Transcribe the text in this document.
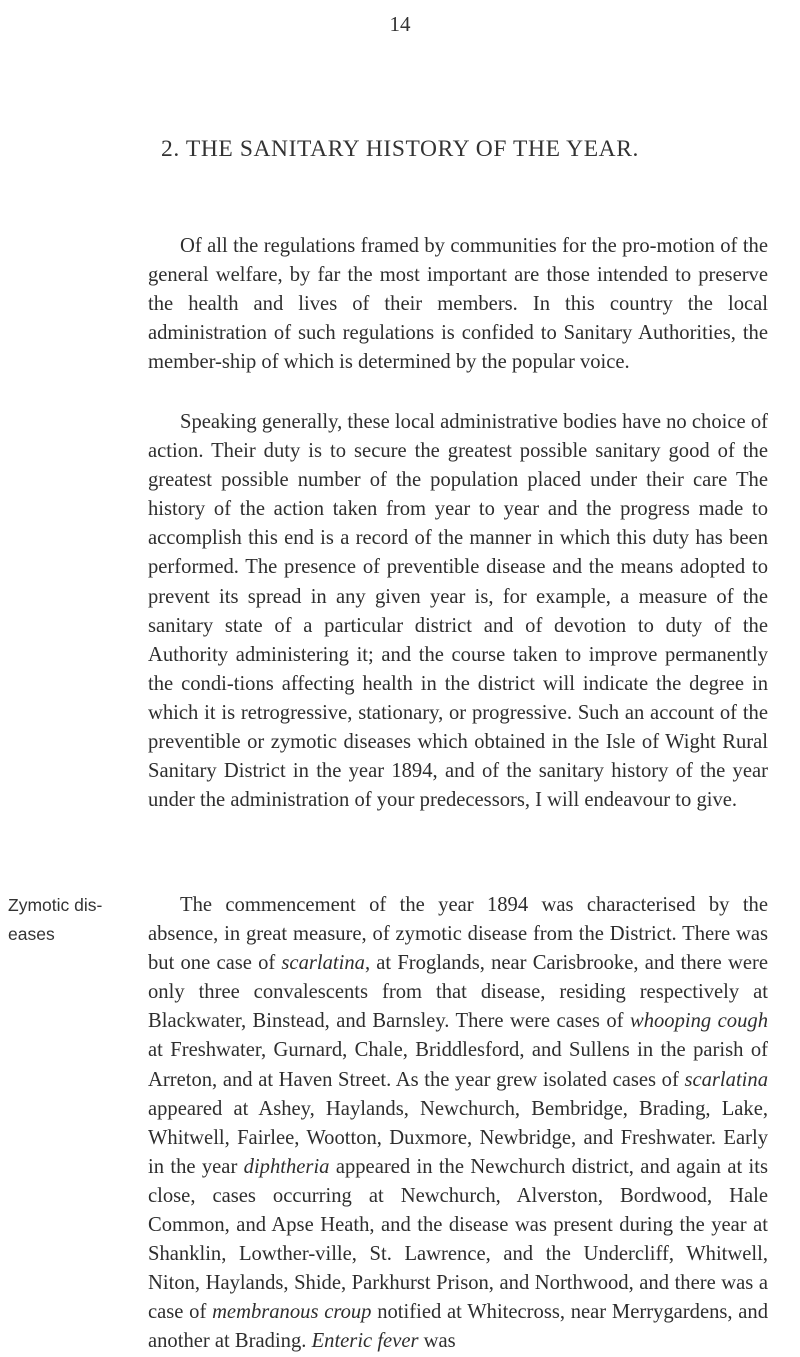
14
2. THE SANITARY HISTORY OF THE YEAR.

Of all the regulations framed by communities for the pro-motion of the general welfare, by far the most important are those intended to preserve the health and lives of their members. In this country the local administration of such regulations is confided to Sanitary Authorities, the member-ship of which is determined by the popular voice.

Speaking generally, these local administrative bodies have no choice of action. Their duty is to secure the greatest possible sanitary good of the greatest possible number of the population placed under their care The history of the action taken from year to year and the progress made to accomplish this end is a record of the manner in which this duty has been performed. The presence of preventible disease and the means adopted to prevent its spread in any given year is, for example, a measure of the sanitary state of a particular district and of devotion to duty of the Authority administering it; and the course taken to improve permanently the condi-tions affecting health in the district will indicate the degree in which it is retrogressive, stationary, or progressive. Such an account of the preventible or zymotic diseases which obtained in the Isle of Wight Rural Sanitary District in the year 1894, and of the sanitary history of the year under the administration of your predecessors, I will endeavour to give.

Zymotic dis-
eases

The commencement of the year 1894 was characterised by the absence, in great measure, of zymotic disease from the District. There was but one case of scarlatina, at Froglands, near Carisbrooke, and there were only three convalescents from that disease, residing respectively at Blackwater, Binstead, and Barnsley. There were cases of whooping cough at Freshwater, Gurnard, Chale, Briddlesford, and Sullens in the parish of Arreton, and at Haven Street. As the year grew isolated cases of scarlatina appeared at Ashey, Haylands, Newchurch, Bembridge, Brading, Lake, Whitwell, Fairlee, Wootton, Duxmore, Newbridge, and Freshwater. Early in the year diphtheria appeared in the Newchurch district, and again at its close, cases occurring at Newchurch, Alverston, Bordwood, Hale Common, and Apse Heath, and the disease was present during the year at Shanklin, Lowther-ville, St. Lawrence, and the Undercliff, Whitwell, Niton, Haylands, Shide, Parkhurst Prison, and Northwood, and there was a case of membranous croup notified at Whitecross, near Merrygardens, and another at Brading. Enteric fever was
